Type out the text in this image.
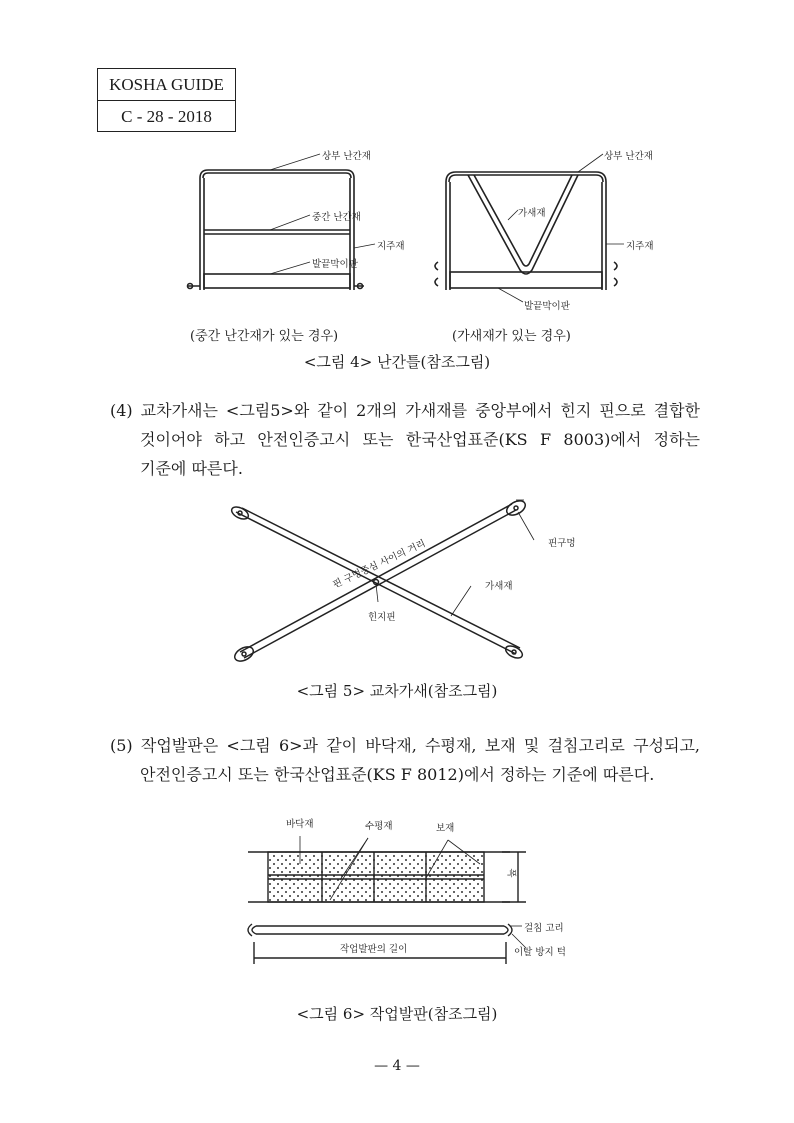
KOSHA GUIDE
C - 28 - 2018
상부 난간재
중간 난간재
지주재
발끝막이판
상부 난간재
가새재
지주재
발끝막이판
(중간 난간재가 있는 경우)	(가새재가 있는 경우)
<그림 4> 난간틀(참조그림)
(4) 교차가새는 <그림5>와 같이 2개의 가새재를 중앙부에서 힌지 핀으로 결합한
것이어야 하고 안전인증고시 또는 한국산업표준(KS F 8003)에서 정하는
기준에 따른다.
핀구멍
핀 구멍중심 사이의 거리	가새재
힌지핀
<그림 5> 교차가새(참조그림)
(5) 작업발판은 <그림 6>과 같이 바닥재, 수평재, 보재 및 걸침고리로 구성되고,
안전인증고시 또는 한국산업표준(KS F 8012)에서 정하는 기준에 따른다.
바닥재	수평재	보재
폭
걸침 고리
작업발판의 길이	이탈 방지 턱
<그림 6> 작업발판(참조그림)
— 4 —
